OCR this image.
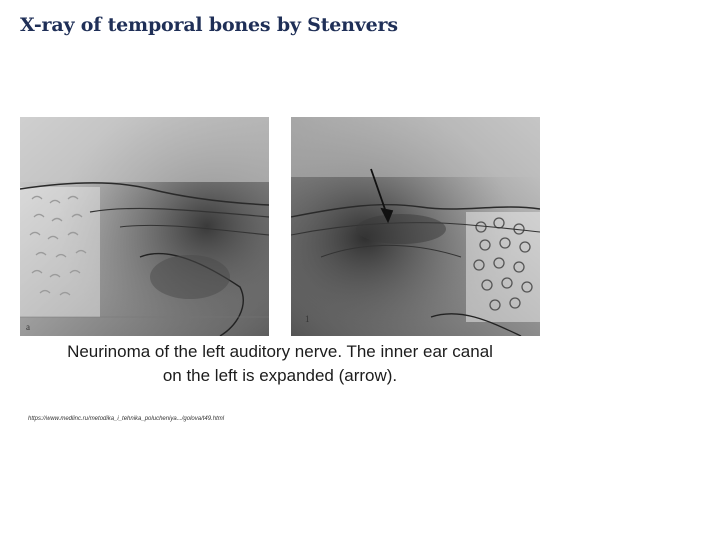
X-ray of temporal bones by Stenvers
a
1
Neurinoma of the left auditory nerve. The inner ear canal
on the left is expanded (arrow).
https://www.medlinc.ru/metodika_i_tehnika_polucheniya.../golova/t49.html
